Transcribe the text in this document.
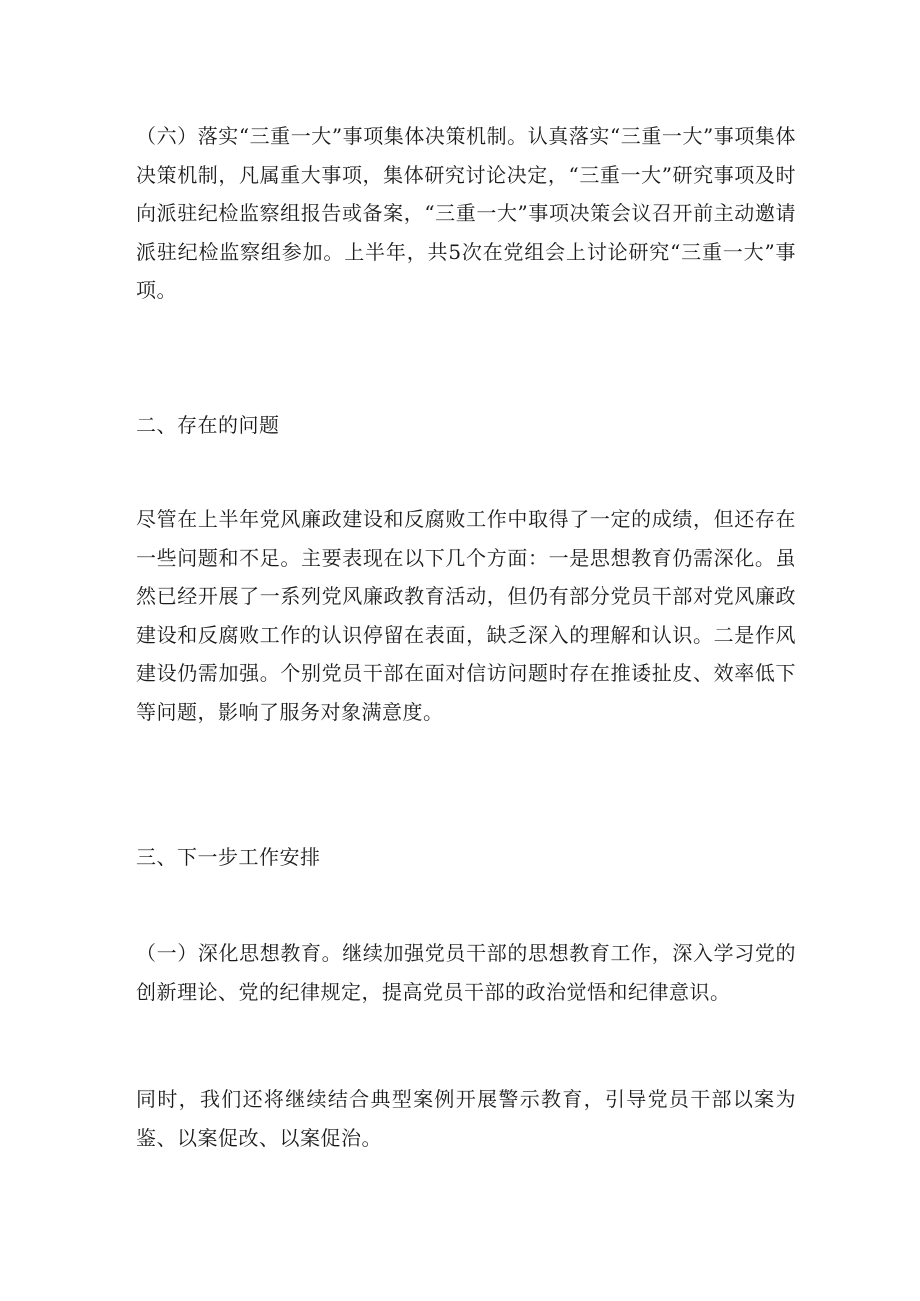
（六）落实“三重一大”事项集体决策机制。认真落实“三重一大”事项集体决策机制，凡属重大事项，集体研究讨论决定，“三重一大”研究事项及时向派驻纪检监察组报告或备案，“三重一大”事项决策会议召开前主动邀请派驻纪检监察组参加。上半年，共5次在党组会上讨论研究“三重一大”事项。

二、存在的问题

尽管在上半年党风廉政建设和反腐败工作中取得了一定的成绩，但还存在一些问题和不足。主要表现在以下几个方面：一是思想教育仍需深化。虽然已经开展了一系列党风廉政教育活动，但仍有部分党员干部对党风廉政建设和反腐败工作的认识停留在表面，缺乏深入的理解和认识。二是作风建设仍需加强。个别党员干部在面对信访问题时存在推诿扯皮、效率低下等问题，影响了服务对象满意度。

三、下一步工作安排

（一）深化思想教育。继续加强党员干部的思想教育工作，深入学习党的创新理论、党的纪律规定，提高党员干部的政治觉悟和纪律意识。

同时，我们还将继续结合典型案例开展警示教育，引导党员干部以案为鉴、以案促改、以案促治。
